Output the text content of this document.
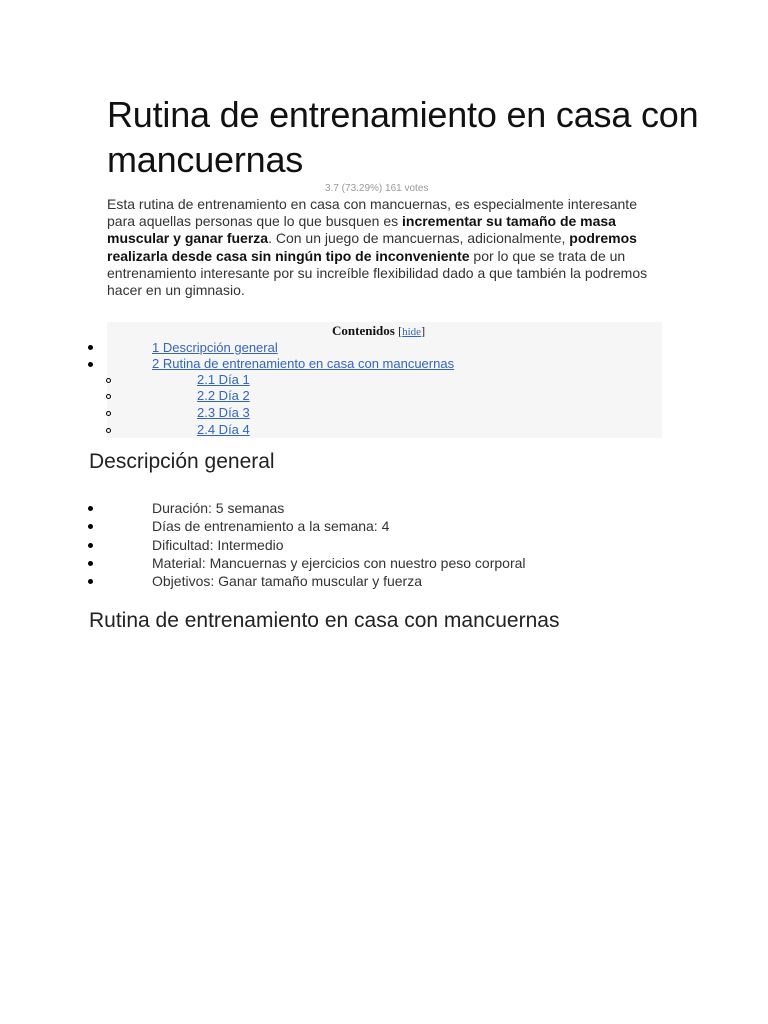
Rutina de entrenamiento en casa con mancuernas
3.7 (73.29%) 161 votes

Esta rutina de entrenamiento en casa con mancuernas, es especialmente interesante para aquellas personas que lo que busquen es incrementar su tamaño de masa muscular y ganar fuerza. Con un juego de mancuernas, adicionalmente, podremos realizarla desde casa sin ningún tipo de inconveniente por lo que se trata de un entrenamiento interesante por su increíble flexibilidad dado a que también la podremos hacer en un gimnasio.

Contenidos [hide]
1 Descripción general
2 Rutina de entrenamiento en casa con mancuernas
2.1 Día 1
2.2 Día 2
2.3 Día 3
2.4 Día 4
Descripción general
Duración: 5 semanas
Días de entrenamiento a la semana: 4
Dificultad: Intermedio
Material: Mancuernas y ejercicios con nuestro peso corporal
Objetivos: Ganar tamaño muscular y fuerza
Rutina de entrenamiento en casa con mancuernas
